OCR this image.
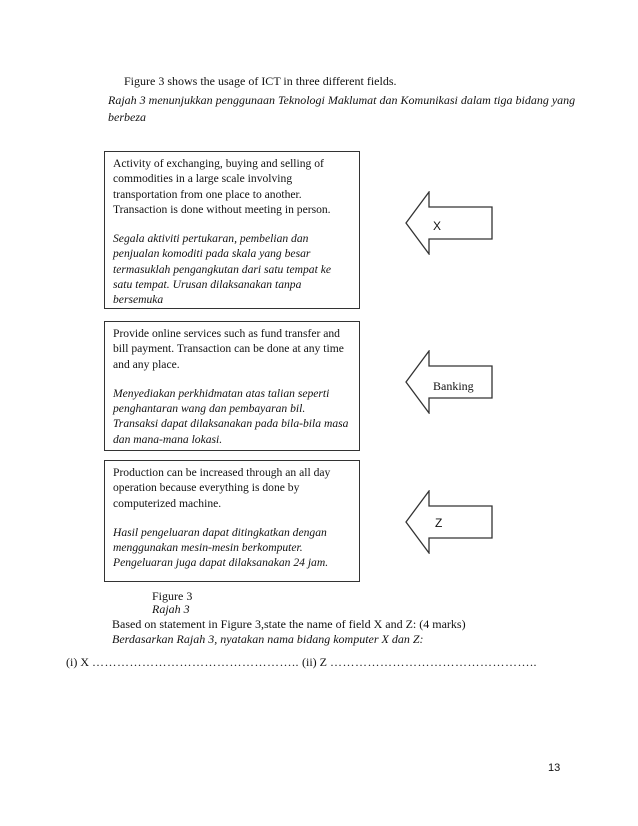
Figure 3 shows the usage of ICT in three different fields.
Rajah 3 menunjukkan penggunaan Teknologi Maklumat dan Komunikasi dalam tiga bidang yang berbeza

Activity of exchanging, buying and selling of commodities in a large scale involving transportation from one place to another. Transaction is done without meeting in person.

Segala aktiviti pertukaran, pembelian dan penjualan komoditi pada skala yang besar termasuklah pengangkutan dari satu tempat ke satu tempat. Urusan dilaksanakan tanpa bersemuka

Provide online services such as fund transfer and bill payment. Transaction can be done at any time and any place.

Menyediakan perkhidmatan atas talian seperti penghantaran wang dan pembayaran bil. Transaksi dapat dilaksanakan pada bila-bila masa dan mana-mana lokasi.

Production can be increased through an all day operation because everything is done by computerized machine.

Hasil pengeluaran dapat ditingkatkan dengan menggunakan mesin-mesin berkomputer. Pengeluaran juga dapat dilaksanakan 24 jam.

X
Banking
Z
Figure 3
Rajah 3
Based on statement in Figure 3,state the name of field X and Z: (4 marks)
Berdasarkan Rajah 3, nyatakan nama bidang komputer X dan Z:
(i) X ………………………………………….. (ii) Z …………………………………………..
13
